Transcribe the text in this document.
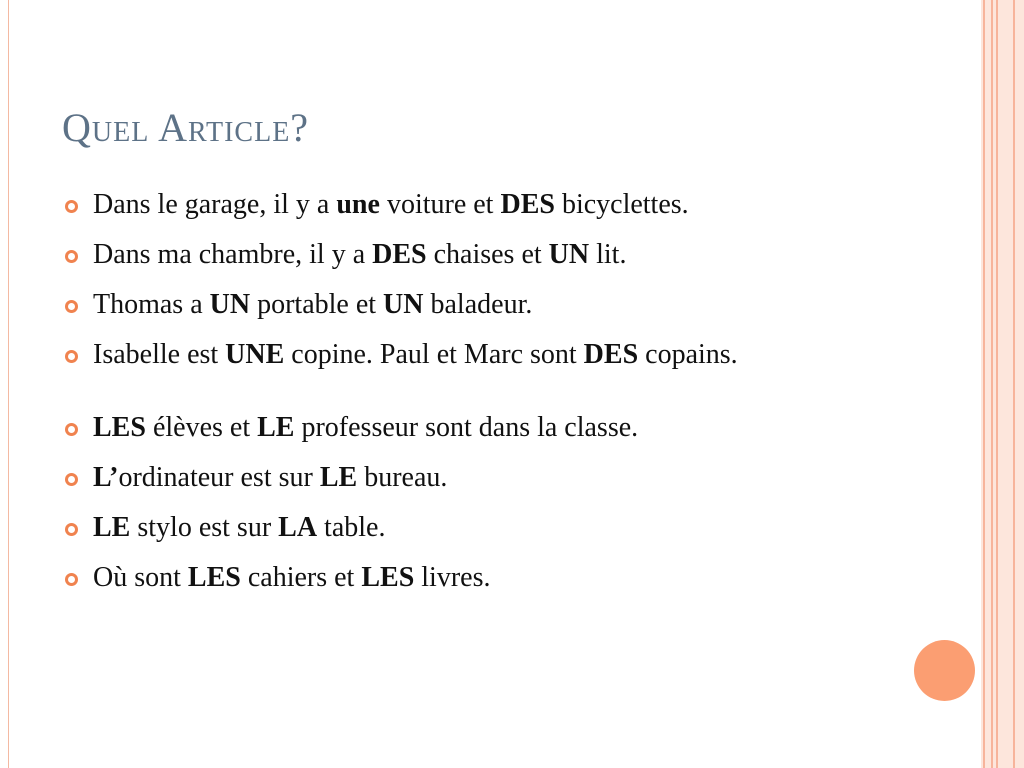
Quel Article?
Dans le garage, il y a une voiture et DES bicyclettes.
Dans ma chambre, il y a DES chaises et UN lit.
Thomas a UN portable et UN baladeur.
Isabelle est UNE copine. Paul et Marc sont DES copains.
LES élèves et LE professeur sont dans la classe.
L’ordinateur est sur LE bureau.
LE stylo est sur LA table.
Où sont LES cahiers et LES livres.
